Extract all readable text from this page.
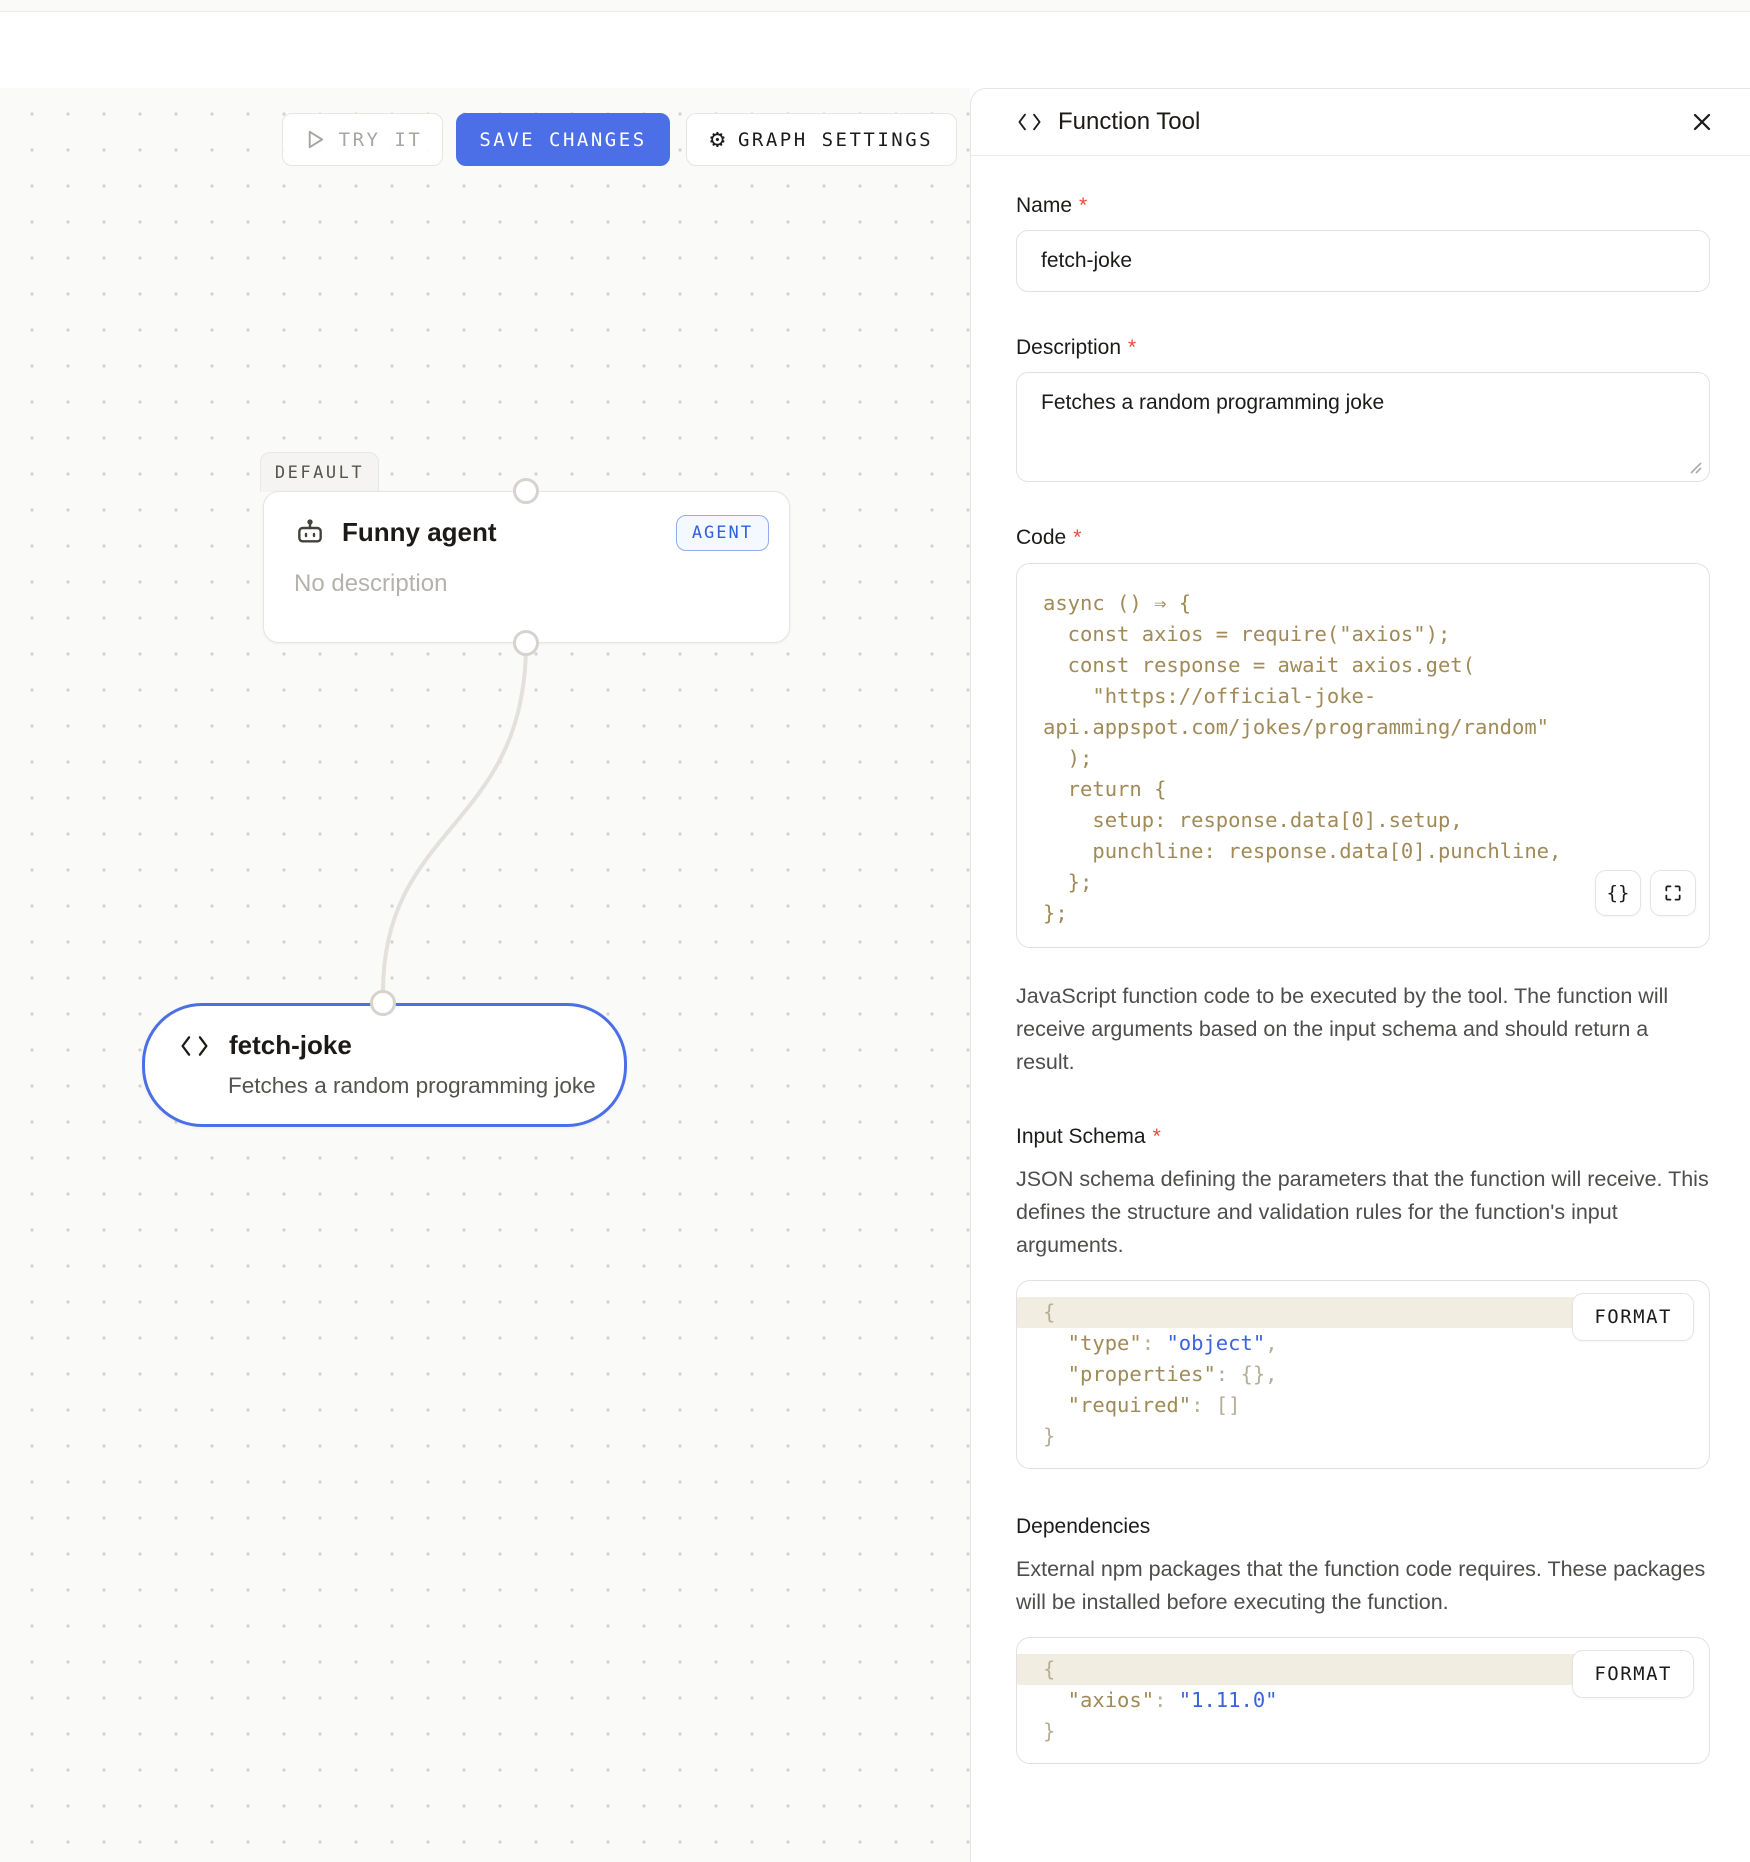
TRY IT	SAVE CHANGES	⚙︎ GRAPH SETTINGS
DEFAULT
Funny agent	AGENT
No description
fetch-joke
Fetches a random programming joke
Function Tool
Name *
fetch-joke
Description *
Fetches a random programming joke
Code *
async () ⇒ {
const axios = require("axios");
const response = await axios.get(
"https://official-joke-
api.appspot.com/jokes/programming/random"
);
return {
setup: response.data[0].setup,
punchline: response.data[0].punchline,
};
};
{}
JavaScript function code to be executed by the tool. The function will receive arguments based on the input schema and should return a result.
Input Schema *
JSON schema defining the parameters that the function will receive. This defines the structure and validation rules for the function's input arguments.
FORMAT
{
"type": "object",
"properties": {},
"required": []
}
Dependencies
External npm packages that the function code requires. These packages will be installed before executing the function.
FORMAT
{
"axios": "1.11.0"
}
